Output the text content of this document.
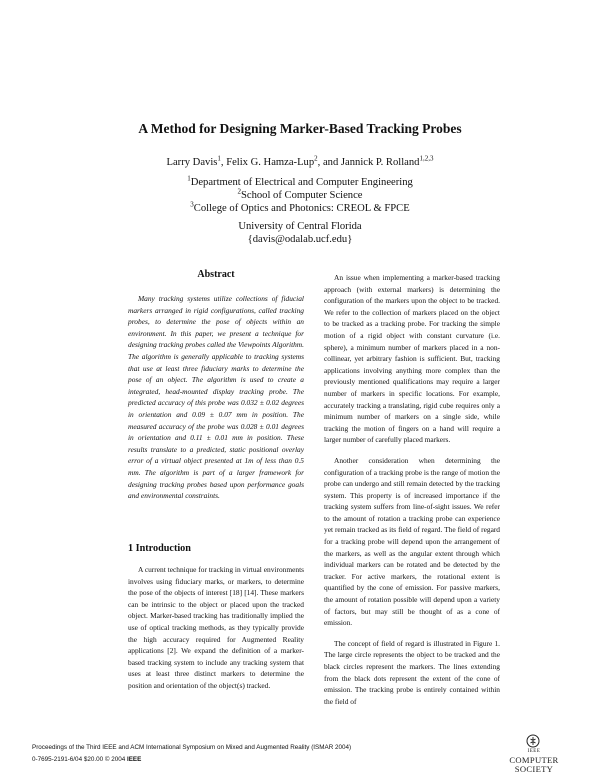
A Method for Designing Marker-Based Tracking Probes
Larry Davis$^1$, Felix G. Hamza-Lup$^2$, and Jannick P. Rolland$^{1,2,3}$
$^1$Department of Electrical and Computer Engineering
$^2$School of Computer Science
$^3$College of Optics and Photonics: CREOL & FPCE
University of Central Florida
{davis@odalab.ucf.edu}
Abstract
Many tracking systems utilize collections of fiducial markers arranged in rigid configurations, called tracking probes, to determine the pose of objects within an environment. In this paper, we present a technique for designing tracking probes called the Viewpoints Algorithm. The algorithm is generally applicable to tracking systems that use at least three fiduciary marks to determine the pose of an object. The algorithm is used to create a integrated, head-mounted display tracking probe. The predicted accuracy of this probe was 0.032 ± 0.02 degrees in orientation and 0.09 ± 0.07 mm in position. The measured accuracy of the probe was 0.028 ± 0.01 degrees in orientation and 0.11 ± 0.01 mm in position. These results translate to a predicted, static positional overlay error of a virtual object presented at 1m of less than 0.5 mm. The algorithm is part of a larger framework for designing tracking probes based upon performance goals and environmental constraints.
1 Introduction
A current technique for tracking in virtual environments involves using fiduciary marks, or markers, to determine the pose of the objects of interest [18] [14]. These markers can be intrinsic to the object or placed upon the tracked object. Marker-based tracking has traditionally implied the use of optical tracking methods, as they typically provide the high accuracy required for Augmented Reality applications [2]. We expand the definition of a marker-based tracking system to include any tracking system that uses at least three distinct markers to determine the position and orientation of the object(s) tracked.

An issue when implementing a marker-based tracking approach (with external markers) is determining the configuration of the markers upon the object to be tracked. We refer to the collection of markers placed on the object to be tracked as a tracking probe. For tracking the simple motion of a rigid object with constant curvature (i.e. sphere), a minimum number of markers placed in a non-collinear, yet arbitrary fashion is sufficient. But, tracking applications involving anything more complex than the previously mentioned qualifications may require a larger number of markers in specific locations. For example, accurately tracking a translating, rigid cube requires only a minimum number of markers on a single side, while tracking the motion of fingers on a hand will require a larger number of carefully placed markers.

Another consideration when determining the configuration of a tracking probe is the range of motion the probe can undergo and still remain detected by the tracking system. This property is of increased importance if the tracking system suffers from line-of-sight issues. We refer to the amount of rotation a tracking probe can experience yet remain tracked as its field of regard. The field of regard for a tracking probe will depend upon the arrangement of the markers, as well as the angular extent through which individual markers can be rotated and be detected by the tracker. For active markers, the rotational extent is quantified by the cone of emission. For passive markers, the amount of rotation possible will depend upon a variety of factors, but may still be thought of as a cone of emission.

The concept of field of regard is illustrated in Figure 1. The large circle represents the object to be tracked and the black circles represent the markers. The lines extending from the black dots represent the extent of the cone of emission. The tracking probe is entirely contained within the field of

Proceedings of the Third IEEE and ACM International Symposium on Mixed and Augmented Reality (ISMAR 2004)
0-7695-2191-6/04 $20.00 © 2004 IEEE
IEEE
COMPUTER
SOCIETY
